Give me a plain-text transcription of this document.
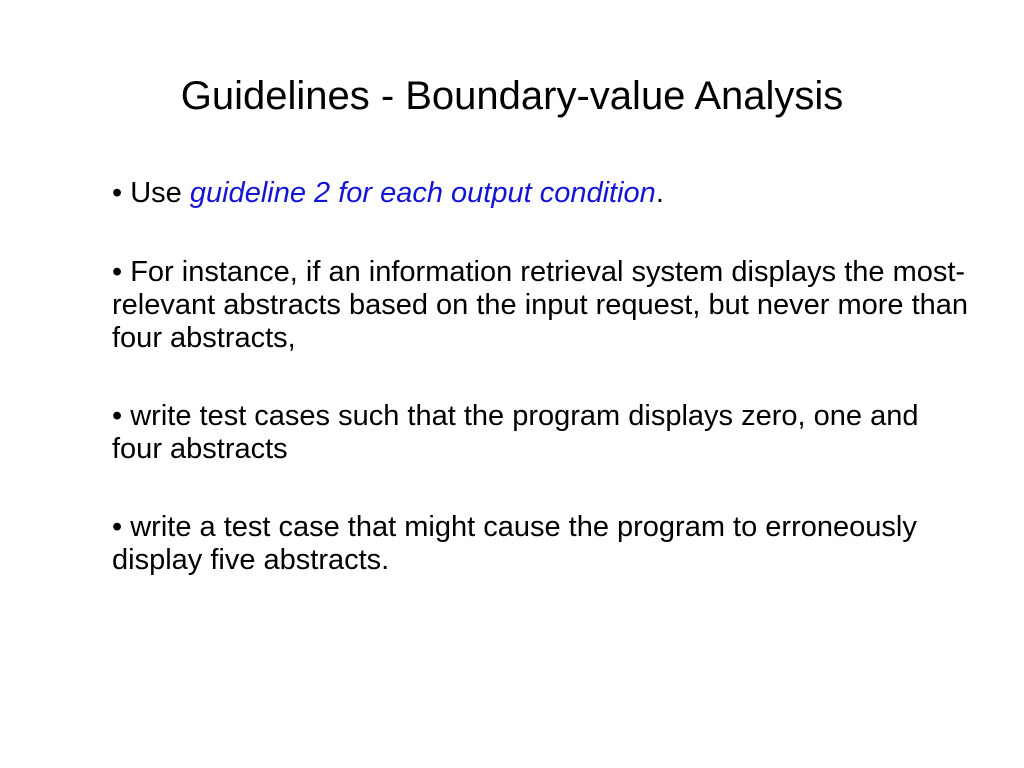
Guidelines - Boundary-value Analysis
• Use guideline 2 for each output condition.
• For instance, if an information retrieval system displays the most-relevant abstracts based on the input request, but never more than four abstracts,
• write test cases such that the program displays zero, one and four abstracts
• write a test case that might cause the program to erroneously display five abstracts.
